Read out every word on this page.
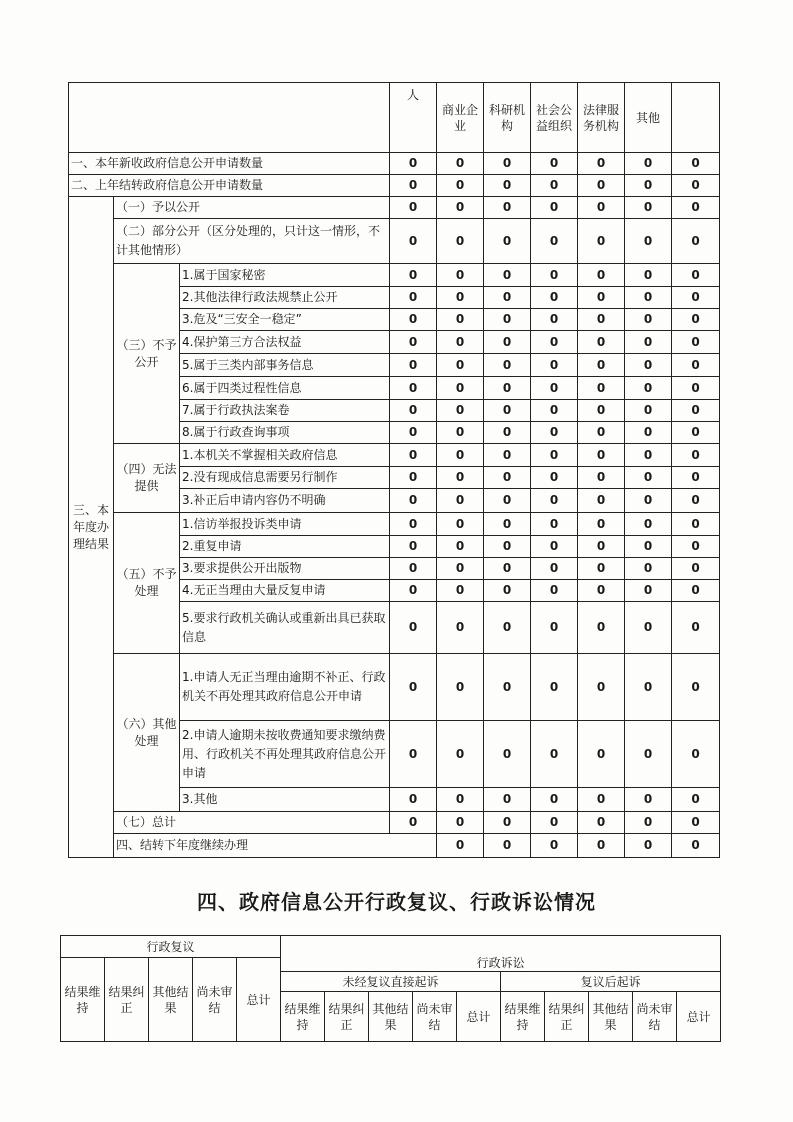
			人	商业企业	科研机构	社会公益组织	法律服务机构	其他		
一、本年新收政府信息公开申请数量			0	0	0	0	0	0	0	
二、上年结转政府信息公开申请数量			0	0	0	0	0	0	0	
三、本年度办理结果	（一）予以公开		0	0	0	0	0	0	0	
	（二）部分公开（区分处理的，只计这一情形，不计其他情形）		0	0	0	0	0	0	0	
	（三）不予公开	1.属于国家秘密	0	0	0	0	0	0	0	
		2.其他法律行政法规禁止公开	0	0	0	0	0	0	0	
		3.危及“三安全一稳定”	0	0	0	0	0	0	0	
		4.保护第三方合法权益	0	0	0	0	0	0	0	
		5.属于三类内部事务信息	0	0	0	0	0	0	0	
		6.属于四类过程性信息	0	0	0	0	0	0	0	
		7.属于行政执法案卷	0	0	0	0	0	0	0	
		8.属于行政查询事项	0	0	0	0	0	0	0	
	（四）无法提供	1.本机关不掌握相关政府信息	0	0	0	0	0	0	0	
		2.没有现成信息需要另行制作	0	0	0	0	0	0	0	
		3.补正后申请内容仍不明确	0	0	0	0	0	0	0	
	（五）不予处理	1.信访举报投诉类申请	0	0	0	0	0	0	0	
		2.重复申请	0	0	0	0	0	0	0	
		3.要求提供公开出版物	0	0	0	0	0	0	0	
		4.无正当理由大量反复申请	0	0	0	0	0	0	0	
		5.要求行政机关确认或重新出具已获取信息	0	0	0	0	0	0	0	
	（六）其他处理	1.申请人无正当理由逾期不补正、行政机关不再处理其政府信息公开申请	0	0	0	0	0	0	0	
		2.申请人逾期未按收费通知要求缴纳费用、行政机关不再处理其政府信息公开申请	0	0	0	0	0	0	0	
		3.其他	0	0	0	0	0	0	0	
	（七）总计		0	0	0	0	0	0	0	
	四、结转下年度继续办理			0	0	0	0	0	0	
四、政府信息公开行政复议、行政诉讼情况
行政复议					行政诉讼									
结果维持	结果纠正	其他结果	尚未审结	总计										
					未经复议直接起诉					复议后起诉				
					结果维持	结果纠正	其他结果	尚未审结	总计	结果维持	结果纠正	其他结果	尚未审结	总计
